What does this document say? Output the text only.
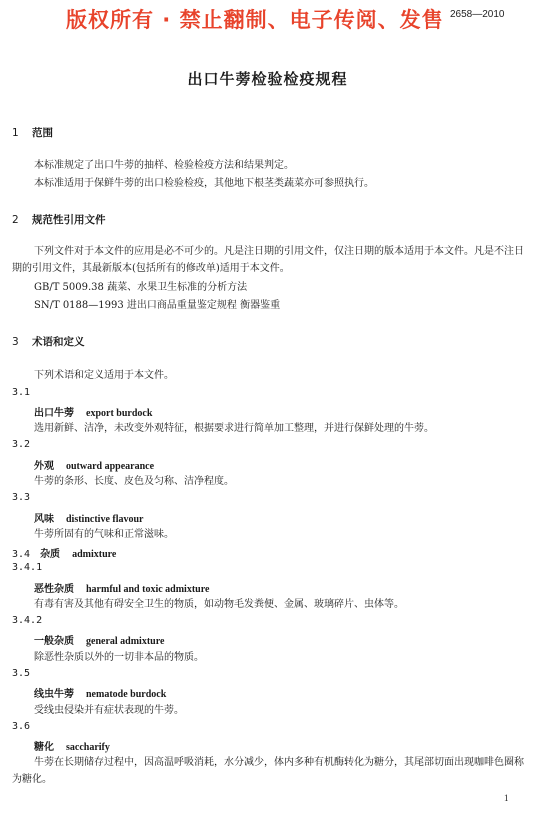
版权所有 · 禁止翻制、电子传阅、发售 2658—2010
出口牛蒡检验检疫规程
1 范围
本标准规定了出口牛蒡的抽样、检验检疫方法和结果判定。
本标准适用于保鲜牛蒡的出口检验检疫，其他地下根茎类蔬菜亦可参照执行。
2 规范性引用文件
下列文件对于本文件的应用是必不可少的。凡是注日期的引用文件，仅注日期的版本适用于本文件。凡是不注日期的引用文件，其最新版本(包括所有的修改单)适用于本文件。
GB/T 5009.38 蔬菜、水果卫生标准的分析方法
SN/T 0188—1993 进出口商品重量鉴定规程 衡器鉴重
3 术语和定义
下列术语和定义适用于本文件。
3.1
出口牛蒡 export burdock
选用新鲜、洁净，未改变外观特征，根据要求进行简单加工整理，并进行保鲜处理的牛蒡。
3.2
外观 outward appearance
牛蒡的条形、长度、皮色及匀称、洁净程度。
3.3
风味 distinctive flavour
牛蒡所固有的气味和正常滋味。
3.4 杂质 admixture
3.4.1
恶性杂质 harmful and toxic admixture
有毒有害及其他有碍安全卫生的物质，如动物毛发粪便、金属、玻璃碎片、虫体等。
3.4.2
一般杂质 general admixture
除恶性杂质以外的一切非本品的物质。
3.5
线虫牛蒡 nematode burdock
受线虫侵染并有症状表现的牛蒡。
3.6
糖化 saccharify
牛蒡在长期储存过程中，因高温呼吸消耗，水分减少，体内多种有机酶转化为糖分，其尾部切面出现咖啡色圈称为糖化。
1
